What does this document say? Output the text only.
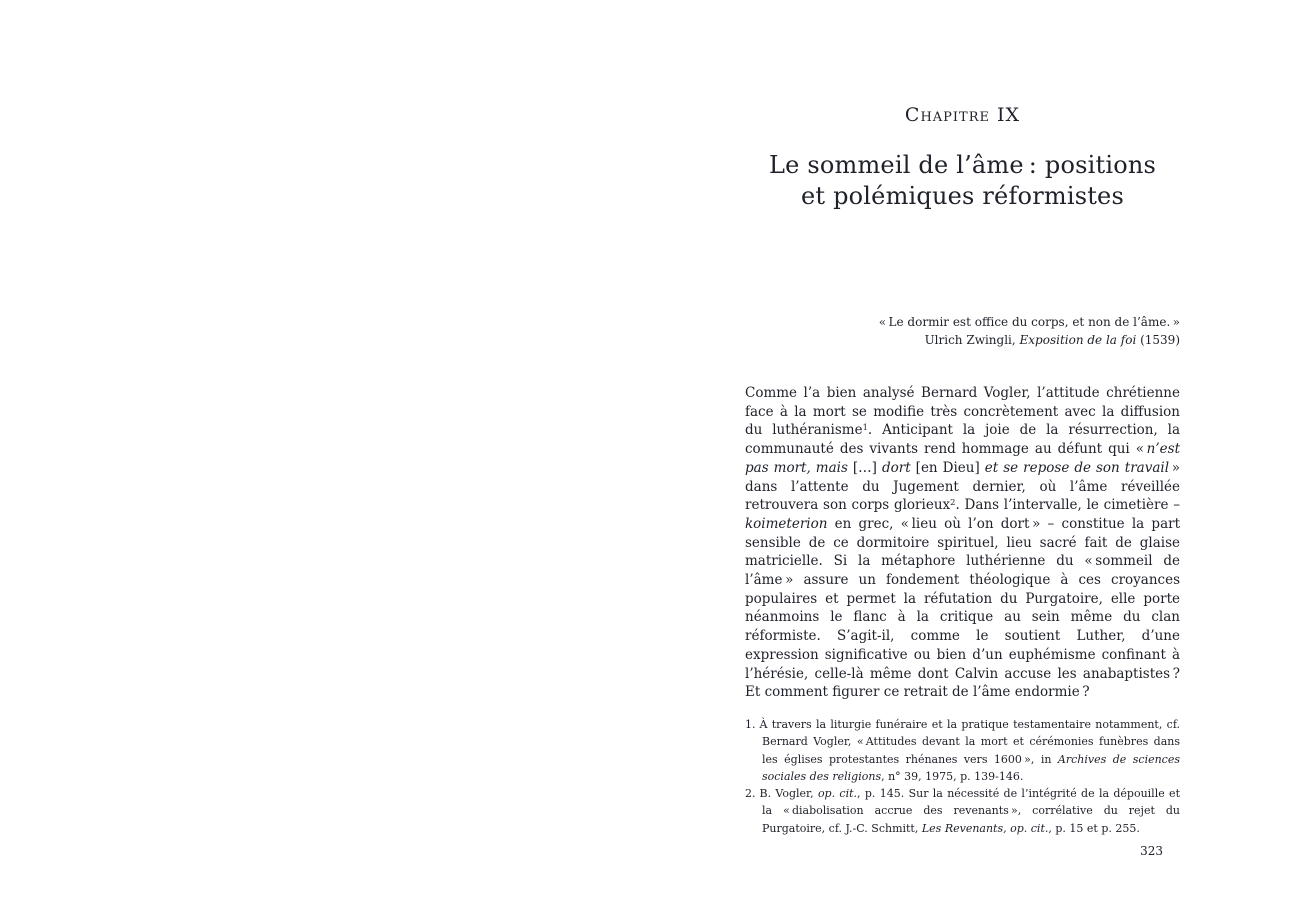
Chapitre IX
Le sommeil de l’âme : positions
et polémiques réformistes
« Le dormir est office du corps, et non de l’âme. »
Ulrich Zwingli, Exposition de la foi (1539)
Comme l’a bien analysé Bernard Vogler, l’attitude chrétienne face à la mort se modifie très concrètement avec la diffusion du luthéranisme$^1$. Anticipant la joie de la résurrection, la communauté des vivants rend hommage au défunt qui « n’est pas mort, mais […] dort [en Dieu] et se repose de son travail » dans l’attente du Jugement dernier, où l’âme réveillée retrouvera son corps glorieux$^2$. Dans l’intervalle, le cimetière – koimeterion en grec, « lieu où l’on dort » – constitue la part sensible de ce dormitoire spirituel, lieu sacré fait de glaise matricielle. Si la métaphore luthérienne du « sommeil de l’âme » assure un fondement théologique à ces croyances populaires et permet la réfutation du Purgatoire, elle porte néanmoins le flanc à la critique au sein même du clan réformiste. S’agit-il, comme le soutient Luther, d’une expression significative ou bien d’un euphémisme confinant à l’hérésie, celle-là même dont Calvin accuse les anabaptistes ? Et comment figurer ce retrait de l’âme endormie ?
1. À travers la liturgie funéraire et la pratique testamentaire notamment, cf. Bernard Vogler, « Attitudes devant la mort et cérémonies funèbres dans les églises protestantes rhénanes vers 1600 », in Archives de sciences sociales des religions, n° 39, 1975, p. 139-146.
2. B. Vogler, op. cit., p. 145. Sur la nécessité de l’intégrité de la dépouille et la « diabolisation accrue des revenants », corrélative du rejet du Purgatoire, cf. J.-C. Schmitt, Les Revenants, op. cit., p. 15 et p. 255.
323
